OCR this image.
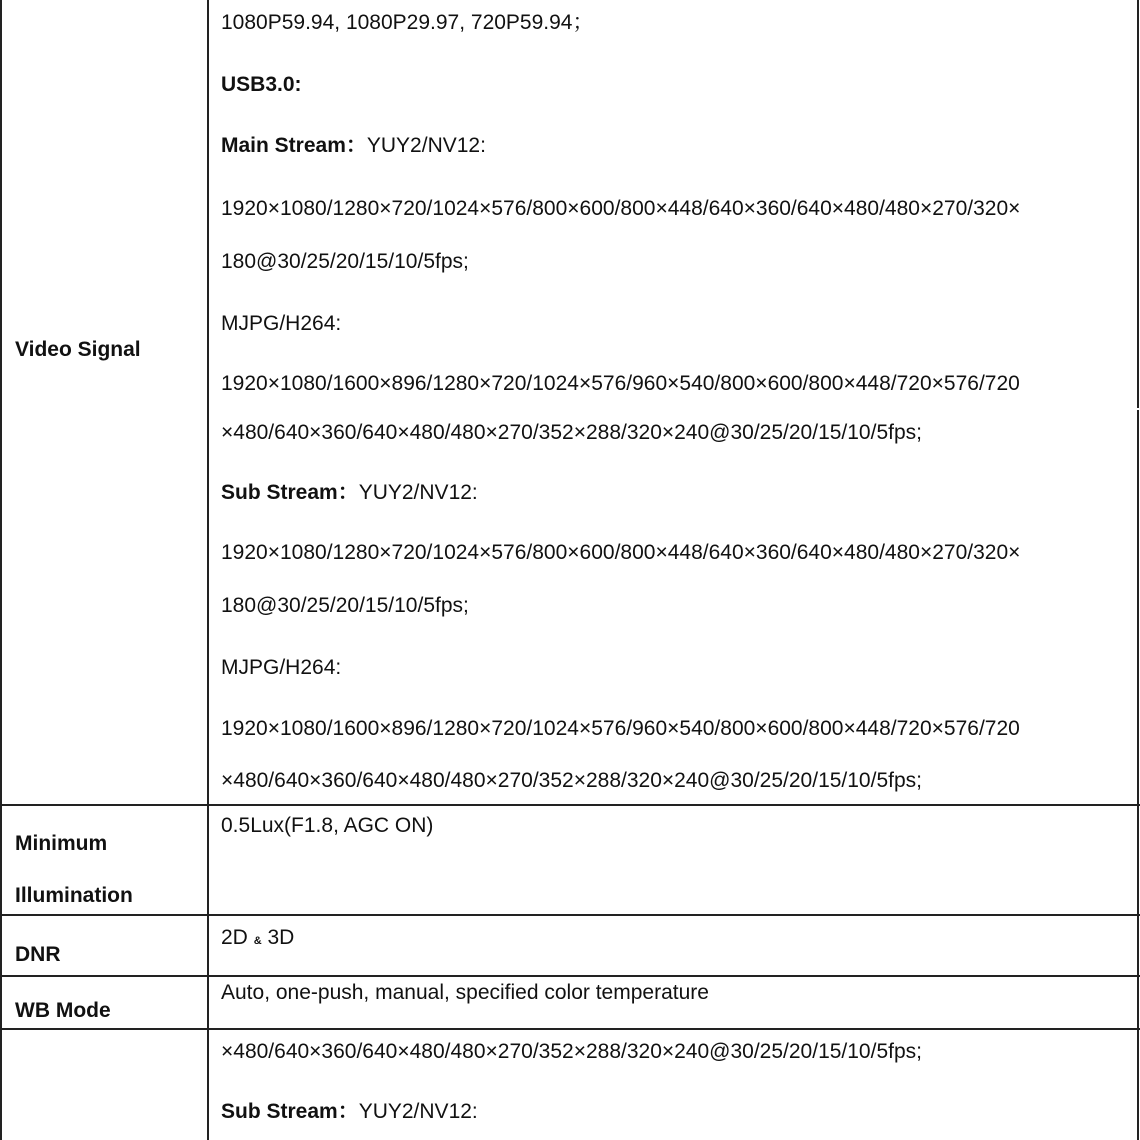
Video Signal
1080P59.94, 1080P29.97, 720P59.94；
USB3.0:
Main Stream：YUY2/NV12:
1920×1080/1280×720/1024×576/800×600/800×448/640×360/640×480/480×270/320×
180@30/25/20/15/10/5fps;
MJPG/H264:
1920×1080/1600×896/1280×720/1024×576/960×540/800×600/800×448/720×576/720
×480/640×360/640×480/480×270/352×288/320×240@30/25/20/15/10/5fps;
Sub Stream：YUY2/NV12:
1920×1080/1280×720/1024×576/800×600/800×448/640×360/640×480/480×270/320×
180@30/25/20/15/10/5fps;
MJPG/H264:
1920×1080/1600×896/1280×720/1024×576/960×540/800×600/800×448/720×576/720
×480/640×360/640×480/480×270/352×288/320×240@30/25/20/15/10/5fps;
Minimum
Illumination
0.5Lux(F1.8, AGC ON)
DNR
2D & 3D
WB Mode
Auto, one-push, manual, specified color temperature
×480/640×360/640×480/480×270/352×288/320×240@30/25/20/15/10/5fps;
Sub Stream：YUY2/NV12:
